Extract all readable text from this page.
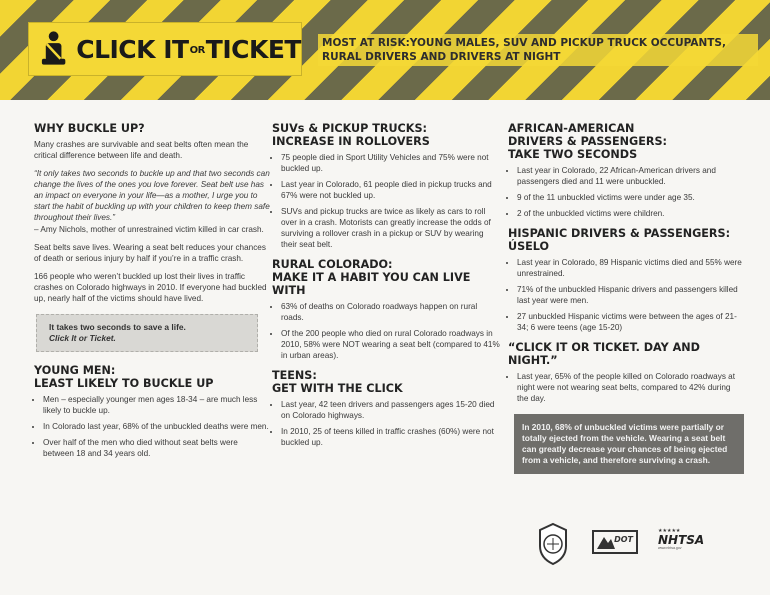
CLICK ITORTICKET	MOST AT RISK:YOUNG MALES, SUV AND PICKUP TRUCK OCCUPANTS, RURAL DRIVERS AND DRIVERS AT NIGHT
WHY BUCKLE UP?

Many crashes are survivable and seat belts often mean the critical difference between life and death.

“It only takes two seconds to buckle up and that two seconds can change the lives of the ones you love forever. Seat belt use has an impact on everyone in your life—as a mother, I urge you to start the habit of buckling up with your children to keep them safe throughout their lives.”

– Amy Nichols, mother of unrestrained victim killed in car crash.

Seat belts save lives. Wearing a seat belt reduces your chances of death or serious injury by half if you’re in a traffic crash.

166 people who weren’t buckled up lost their lives in traffic crashes on Colorado highways in 2010. If everyone had buckled up, nearly half of the victims should have lived.

It takes two seconds to save a life.
Click It or Ticket.
YOUNG MEN:
LEAST LIKELY TO BUCKLE UP
• Men – especially younger men ages 18-34 – are much less likely to buckle up.
• In Colorado last year, 68% of the unbuckled deaths were men.
• Over half of the men who died without seat belts were between 18 and 34 years old.
SUVs & PICKUP TRUCKS:
INCREASE IN ROLLOVERS
• 75 people died in Sport Utility Vehicles and 75% were not buckled up.
• Last year in Colorado, 61 people died in pickup trucks and 67% were not buckled up.
• SUVs and pickup trucks are twice as likely as cars to roll over in a crash. Motorists can greatly increase the odds of surviving a rollover crash in a pickup or SUV by wearing their seat belt.
RURAL COLORADO:
MAKE IT A HABIT YOU CAN LIVE WITH
• 63% of deaths on Colorado roadways happen on rural roads.
• Of the 200 people who died on rural Colorado roadways in 2010, 58% were NOT wearing a seat belt (compared to 41% in urban areas).
TEENS:
GET WITH THE CLICK
• Last year, 42 teen drivers and passengers ages 15-20 died on Colorado highways.
• In 2010, 25 of teens killed in traffic crashes (60%) were not buckled up.
AFRICAN-AMERICAN
DRIVERS & PASSENGERS:
TAKE TWO SECONDS
• Last year in Colorado, 22 African-American drivers and passengers died and 11 were unbuckled.
• 9 of the 11 unbuckled victims were under age 35.
• 2 of the unbuckled victims were children.
HISPANIC DRIVERS & PASSENGERS:
ÚSELO
• Last year in Colorado, 89 Hispanic victims died and 55% were unrestrained.
• 71% of the unbuckled Hispanic drivers and passengers killed last year were men.
• 27 unbuckled Hispanic victims were between the ages of 21-34; 6 were teens (age 15-20)
“CLICK IT OR TICKET. DAY AND NIGHT.”
• Last year, 65% of the people killed on Colorado roadways at night were not wearing seat belts, compared to 42% during the day.
In 2010, 68% of unbuckled victims were partially or totally ejected from the vehicle. Wearing a seat belt can greatly decrease your chances of being ejected from a vehicle, and therefore surviving a crash.
DOT
★★★★★
NHTSA
www.nhtsa.gov
